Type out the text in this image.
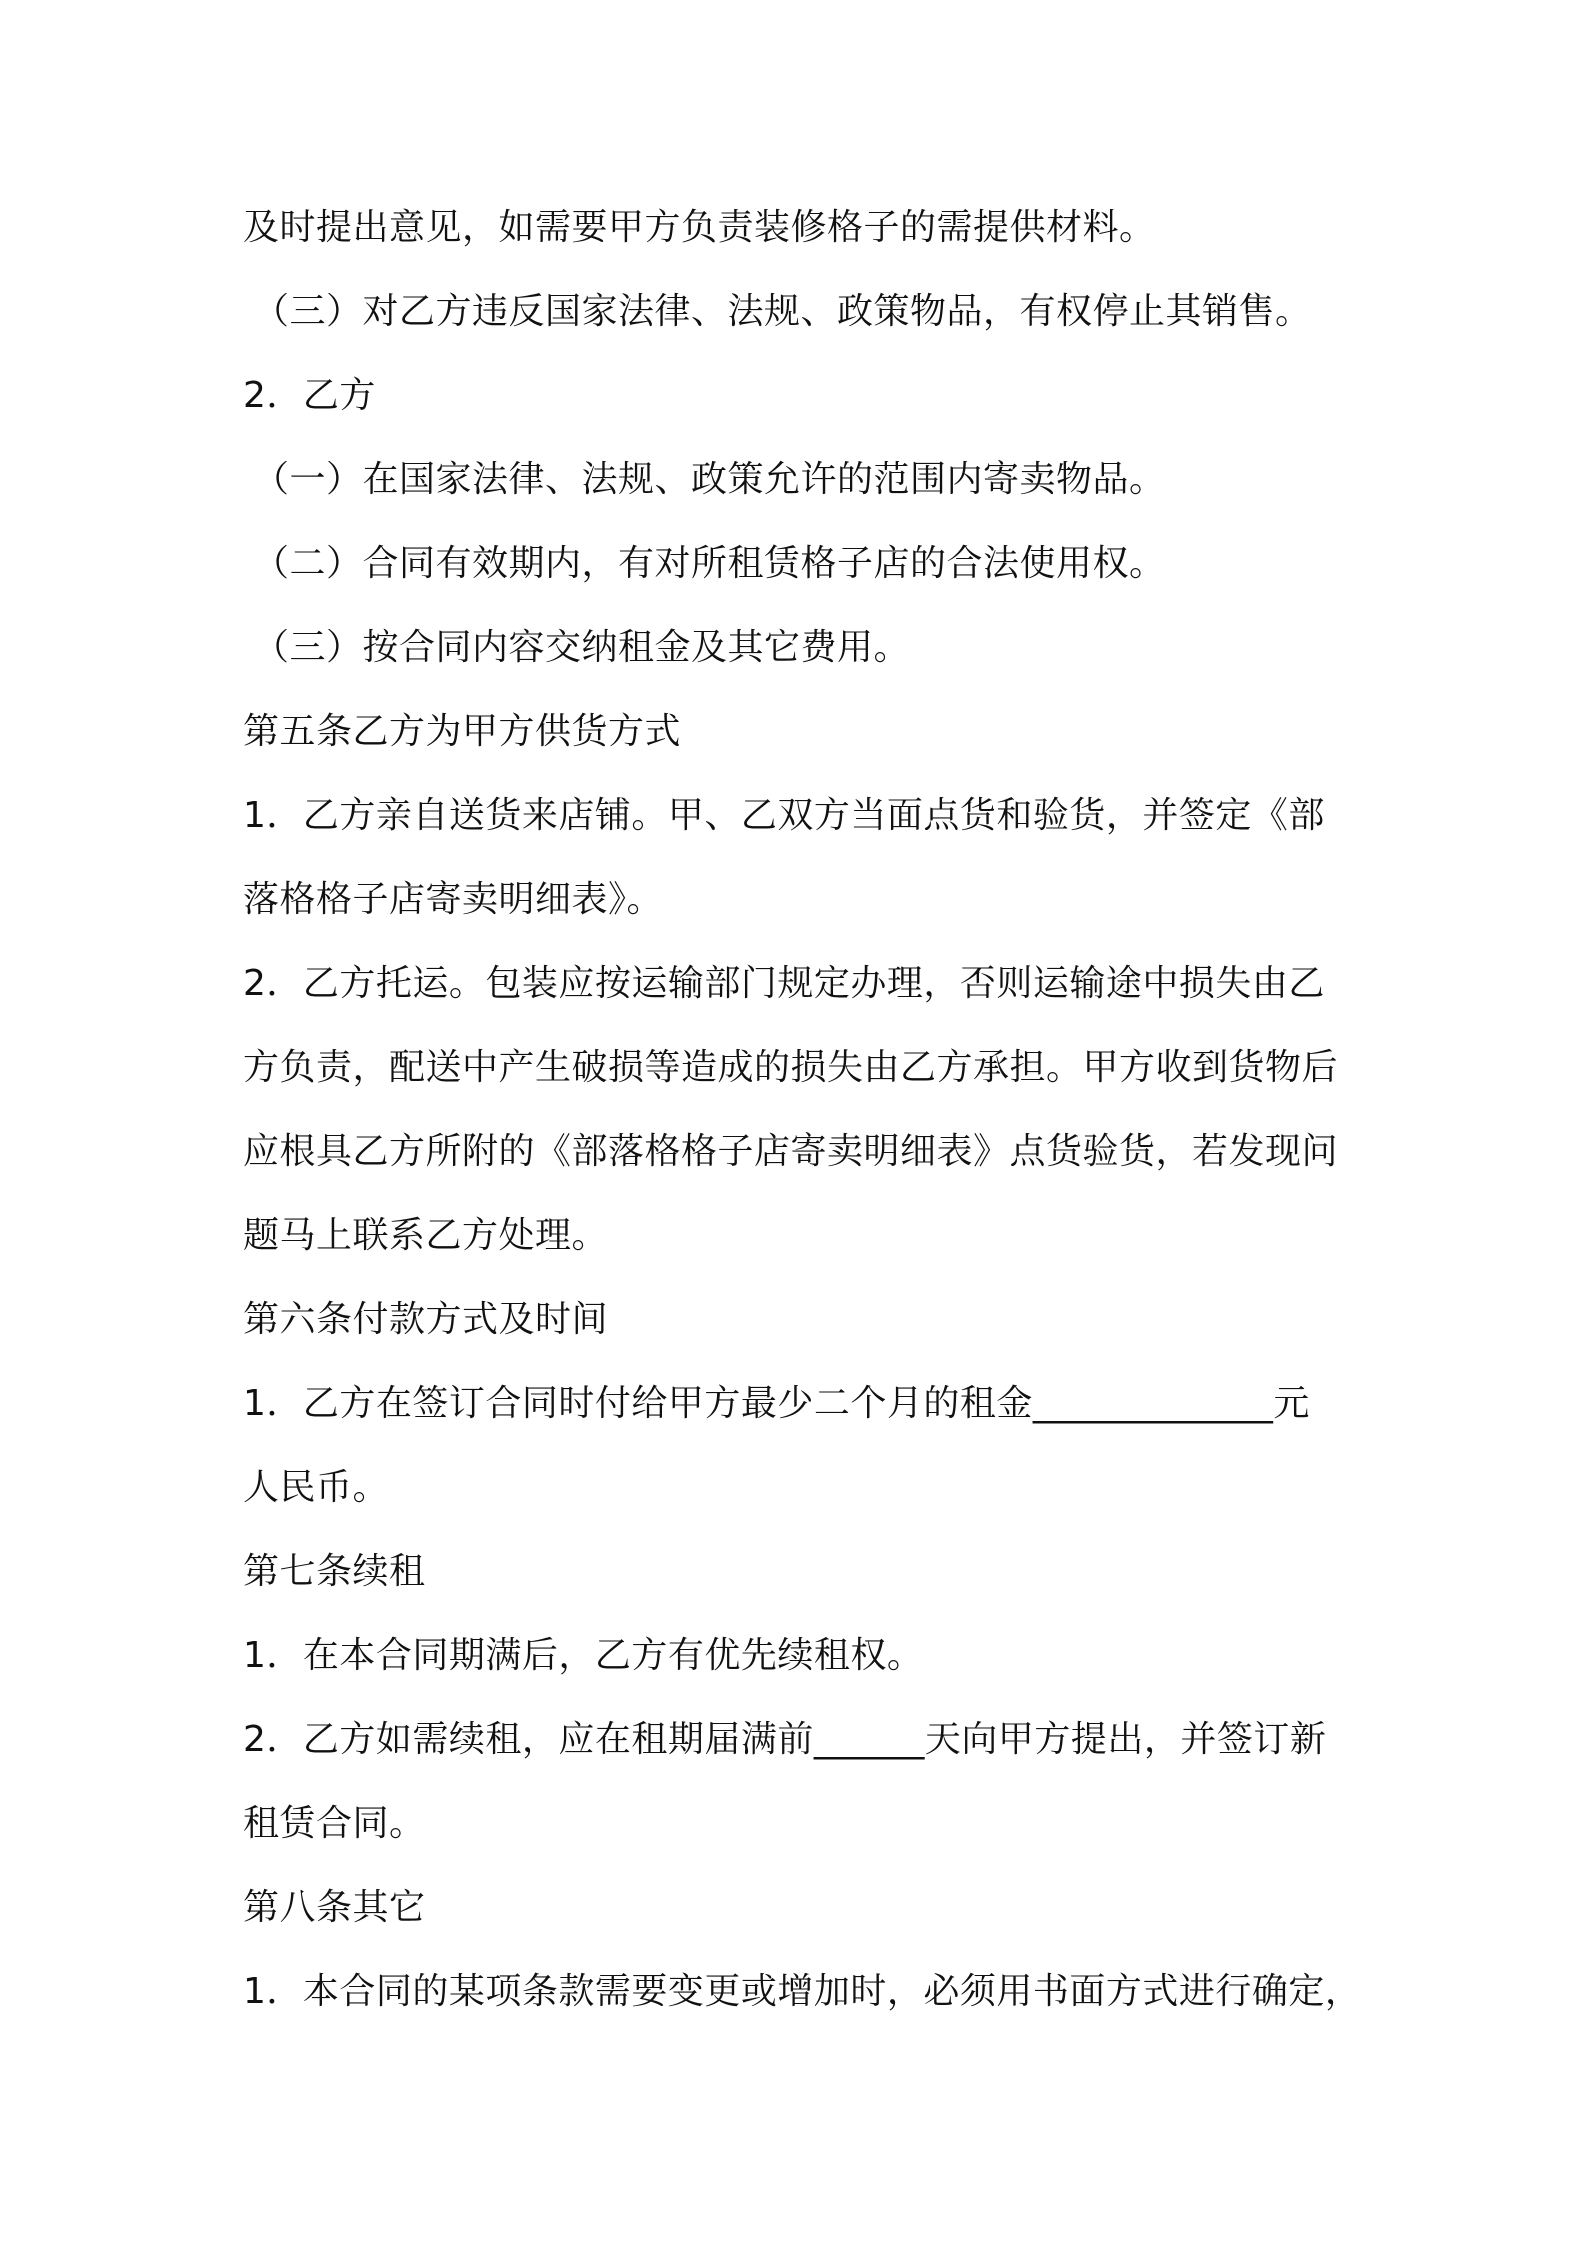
及时提出意见，如需要甲方负责装修格子的需提供材料。
（三）对乙方违反国家法律、法规、政策物品，有权停止其销售。
2．乙方
（一）在国家法律、法规、政策允许的范围内寄卖物品。
（二）合同有效期内，有对所租赁格子店的合法使用权。
（三）按合同内容交纳租金及其它费用。
第五条乙方为甲方供货方式
1．乙方亲自送货来店铺。甲、乙双方当面点货和验货，并签定《部
落格格子店寄卖明细表》。
2．乙方托运。包装应按运输部门规定办理，否则运输途中损失由乙
方负责，配送中产生破损等造成的损失由乙方承担。甲方收到货物后
应根具乙方所附的《部落格格子店寄卖明细表》点货验货，若发现问
题马上联系乙方处理。
第六条付款方式及时间
1．乙方在签订合同时付给甲方最少二个月的租金_____________元
人民币。
第七条续租
1．在本合同期满后，乙方有优先续租权。
2．乙方如需续租，应在租期届满前______天向甲方提出，并签订新
租赁合同。
第八条其它
1．本合同的某项条款需要变更或增加时，必须用书面方式进行确定，
